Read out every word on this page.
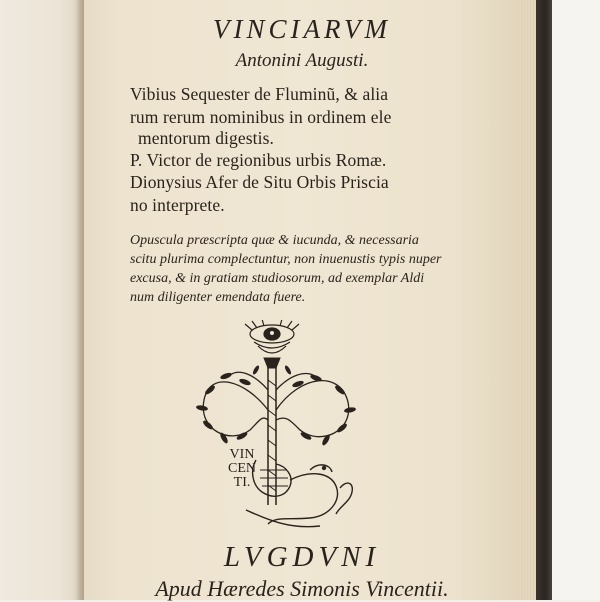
VINCIARVM
Antonini Augusti.
Vibius Sequester de Fluminũ, & alia
rum rerum nominibus in ordinem ele
mentorum digestis.
P. Victor de regionibus urbis Romæ.
Dionysius Afer de Situ Orbis Priscia
no interprete.
Opuscula præscripta quæ & iucunda, & necessaria
scitu plurima complectuntur, non inuenustis typis nuper
excusa, & in gratiam studiosorum, ad exemplar Aldi
num diligenter emendata fuere.
LVGDVNI
Apud Hæredes Simonis Vincentii.
VIN
CEN
TI.
